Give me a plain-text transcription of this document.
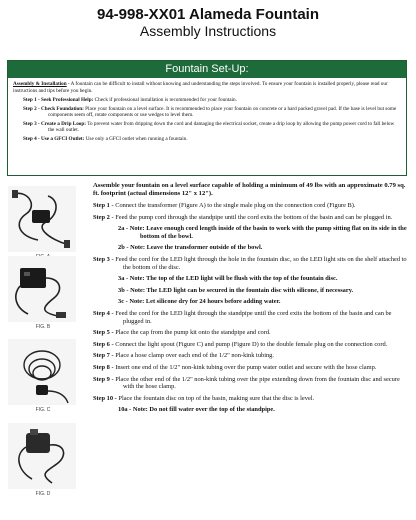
94-998-XX01 Alameda Fountain
Assembly Instructions
Fountain Set-Up:

Assembly & Installation - A fountain can be difficult to install without knowing and understanding the steps involved. To ensure your fountain is installed properly, please read our instructions and tips before you begin.

Step 1 - Seek Professional Help: Check if professional installation is recommended for your fountain.

Step 2 - Check Foundation: Place your fountain on a level surface. It is recommended to place your fountain on concrete or a hard packed gravel pad. If the base is level but some components seem off, rotate components or use wedges to level them.

Step 3 - Create a Drip Loop: To prevent water from dripping down the cord and damaging the electrical socket, create a drip loop by allowing the pump power cord to fall below the wall outlet.

Step 4 - Use a GFCI Outlet: Use only a GFCI outlet when running a fountain.

FIG. B
FIG. C
FIG. D
Assemble your fountain on a level surface capable of holding a minimum of 49 lbs with an approximate 0.79 sq. ft. footprint (actual dimensions 12" x 12").
Step 1 - Connect the transformer (Figure A) to the single male plug on the connection cord (Figure B).
Step 2 - Feed the pump cord through the standpipe until the cord exits the bottom of the basin and can be plugged in.
2a - Note: Leave enough cord length inside of the basin to work with the pump sitting flat on its side in the bottom of the bowl.
2b - Note: Leave the transformer outside of the bowl.
Step 3 - Feed the cord for the LED light through the hole in the fountain disc, so the LED light sits on the shelf attached to the bottom of the disc.
3a - Note: The top of the LED light will be flush with the top of the fountain disc.
3b - Note: The LED light can be secured in the fountain disc with silicone, if necessary.
3c - Note: Let silicone dry for 24 hours before adding water.
Step 4 - Feed the cord for the LED light through the standpipe until the cord exits the bottom of the basin and can be plugged in.
Step 5 - Place the cap from the pump kit onto the standpipe and cord.
Step 6 - Connect the light spout (Figure C) and pump (Figure D) to the double female plug on the connection cord.
Step 7 - Place a hose clamp over each end of the 1/2" non-kink tubing.
Step 8 - Insert one end of the 1/2" non-kink tubing over the pump water outlet and secure with the hose clamp.
Step 9 - Place the other end of the 1/2" non-kink tubing over the pipe extending down from the fountain disc and secure with the hose clamp.
Step 10 - Place the fountain disc on top of the basin, making sure that the disc is level.
10a - Note: Do not fill water over the top of the standpipe.
